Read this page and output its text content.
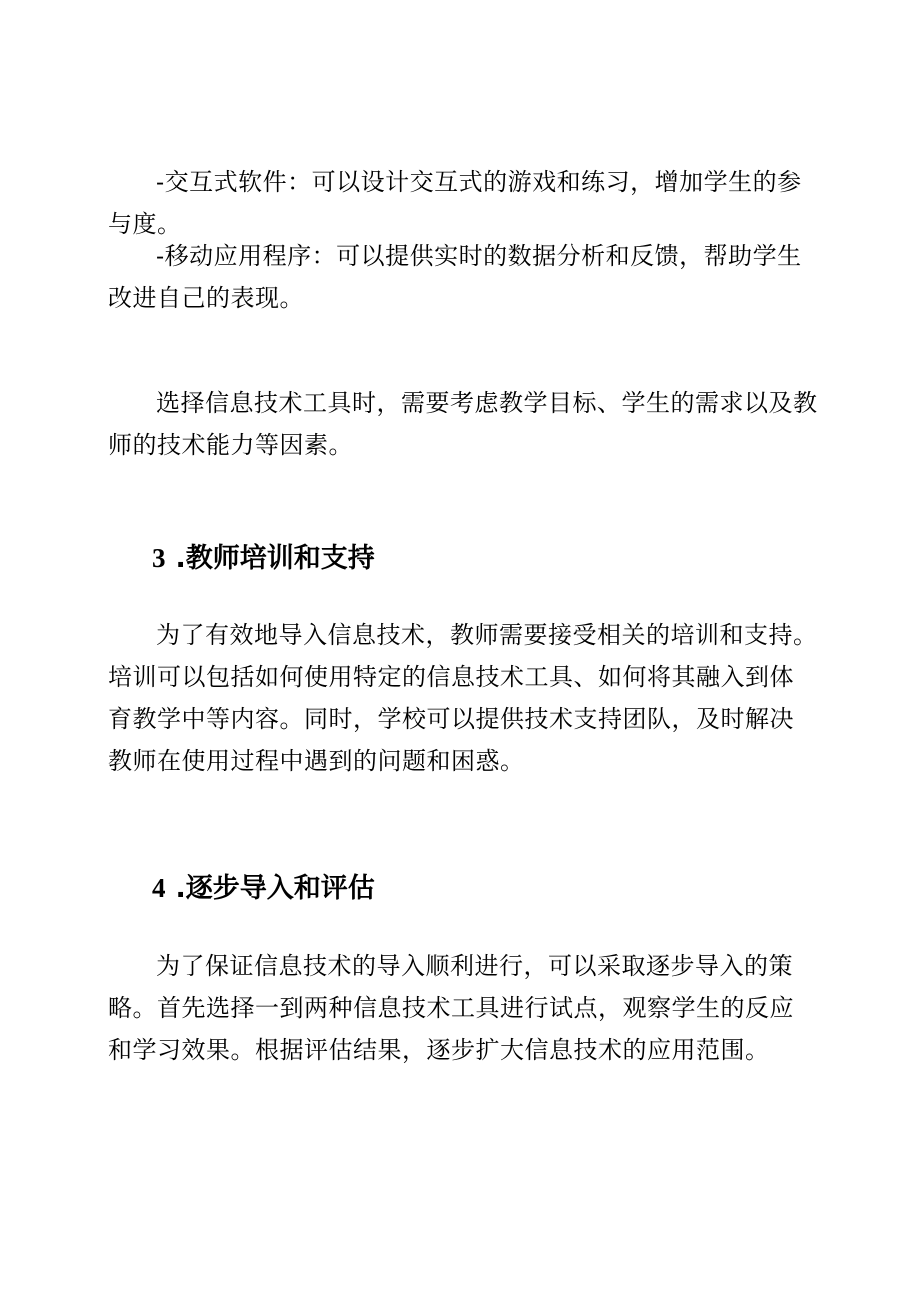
-交互式软件：可以设计交互式的游戏和练习，增加学生的参与度。

-移动应用程序：可以提供实时的数据分析和反馈，帮助学生改进自己的表现。

选择信息技术工具时，需要考虑教学目标、学生的需求以及教师的技术能力等因素。

3 .教师培训和支持

为了有效地导入信息技术，教师需要接受相关的培训和支持。培训可以包括如何使用特定的信息技术工具、如何将其融入到体育教学中等内容。同时，学校可以提供技术支持团队，及时解决教师在使用过程中遇到的问题和困惑。

4 .逐步导入和评估

为了保证信息技术的导入顺利进行，可以采取逐步导入的策略。首先选择一到两种信息技术工具进行试点，观察学生的反应和学习效果。根据评估结果，逐步扩大信息技术的应用范围。
